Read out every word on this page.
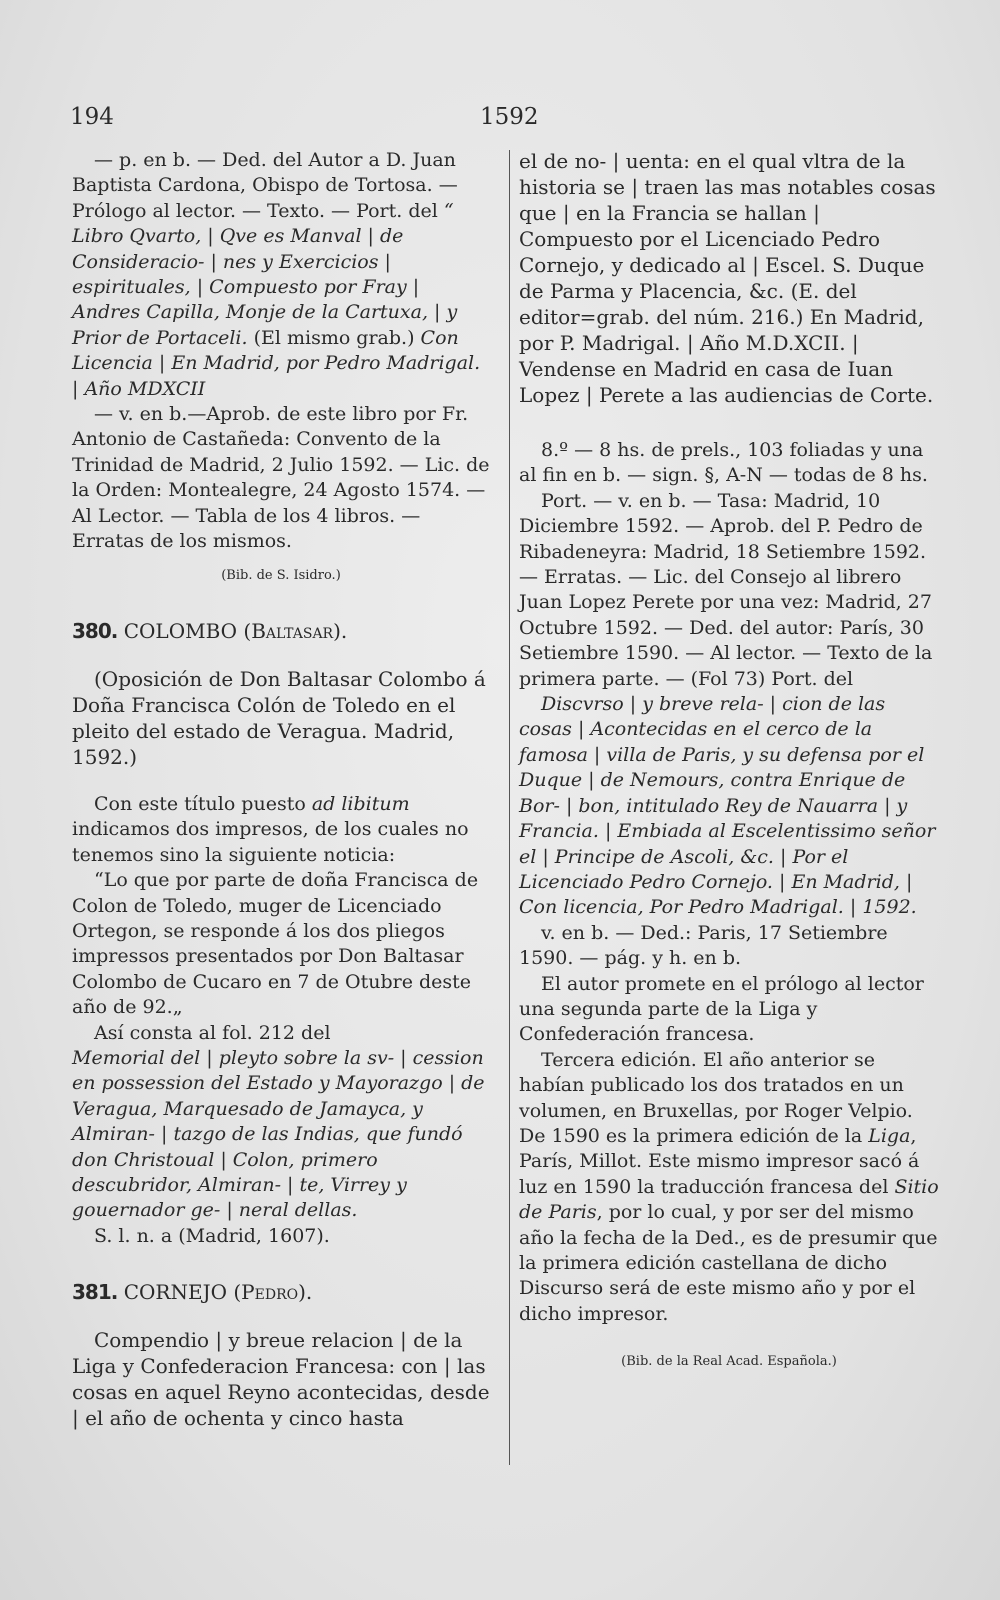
194	1592

— p. en b. — Ded. del Autor a D. Juan Baptista Cardona, Obispo de Tortosa. — Prólogo al lector. — Texto. — Port. del “ Libro Qvarto, | Qve es Manval | de Consideracio- | nes y Exercicios | espirituales, | Compuesto por Fray | Andres Capilla, Monje de la Cartuxa, | y Prior de Portaceli. (El mismo grab.) Con Licencia | En Madrid, por Pedro Madrigal. | Año MDXCII

— v. en b.—Aprob. de este libro por Fr. Antonio de Castañeda: Convento de la Trinidad de Madrid, 2 Julio 1592. — Lic. de la Orden: Montealegre, 24 Agosto 1574. — Al Lector. — Tabla de los 4 libros. — Erratas de los mismos.

(Bib. de S. Isidro.)

380. COLOMBO (Baltasar).

(Oposición de Don Baltasar Colombo á Doña Francisca Colón de Toledo en el pleito del estado de Veragua. Madrid, 1592.)

Con este título puesto ad libitum indicamos dos impresos, de los cuales no tenemos sino la siguiente noticia:

“Lo que por parte de doña Francisca de Colon de Toledo, muger de Licenciado Ortegon, se responde á los dos pliegos impressos presentados por Don Baltasar Colombo de Cucaro en 7 de Otubre deste año de 92.„

Así consta al fol. 212 del

Memorial del | pleyto sobre la sv- | cession en possession del Estado y Mayorazgo | de Veragua, Marquesado de Jamayca, y Almiran- | tazgo de las Indias, que fundó don Christoual | Colon, primero descubridor, Almiran- | te, Virrey y gouernador ge- | neral dellas.

S. l. n. a (Madrid, 1607).

381. CORNEJO (Pedro).

Compendio | y breue relacion | de la Liga y Confederacion Francesa: con | las cosas en aquel Reyno acontecidas, desde | el año de ochenta y cinco hasta

el de no- | uenta: en el qual vltra de la historia se | traen las mas notables cosas que | en la Francia se hallan | Compuesto por el Licenciado Pedro Cornejo, y dedicado al | Escel. S. Duque de Parma y Placencia, &c. (E. del editor=grab. del núm. 216.) En Madrid, por P. Madrigal. | Año M.D.XCII. | Vendense en Madrid en casa de Iuan Lopez | Perete a las audiencias de Corte.

8.º — 8 hs. de prels., 103 foliadas y una al fin en b. — sign. §, A-N — todas de 8 hs.

Port. — v. en b. — Tasa: Madrid, 10 Diciembre 1592. — Aprob. del P. Pedro de Ribadeneyra: Madrid, 18 Setiembre 1592. — Erratas. — Lic. del Consejo al librero Juan Lopez Perete por una vez: Madrid, 27 Octubre 1592. — Ded. del autor: París, 30 Setiembre 1590. — Al lector. — Texto de la primera parte. — (Fol 73) Port. del

Discvrso | y breve rela- | cion de las cosas | Acontecidas en el cerco de la famosa | villa de Paris, y su defensa por el Duque | de Nemours, contra Enrique de Bor- | bon, intitulado Rey de Nauarra | y Francia. | Embiada al Escelentissimo señor el | Principe de Ascoli, &c. | Por el Licenciado Pedro Cornejo. | En Madrid, | Con licencia, Por Pedro Madrigal. | 1592.

v. en b. — Ded.: Paris, 17 Setiembre 1590. — pág. y h. en b.

El autor promete en el prólogo al lector una segunda parte de la Liga y Confederación francesa.

Tercera edición. El año anterior se habían publicado los dos tratados en un volumen, en Bruxellas, por Roger Velpio. De 1590 es la primera edición de la Liga, París, Millot. Este mismo impresor sacó á luz en 1590 la traducción francesa del Sitio de Paris, por lo cual, y por ser del mismo año la fecha de la Ded., es de presumir que la primera edición castellana de dicho Discurso será de este mismo año y por el dicho impresor.

(Bib. de la Real Acad. Española.)
